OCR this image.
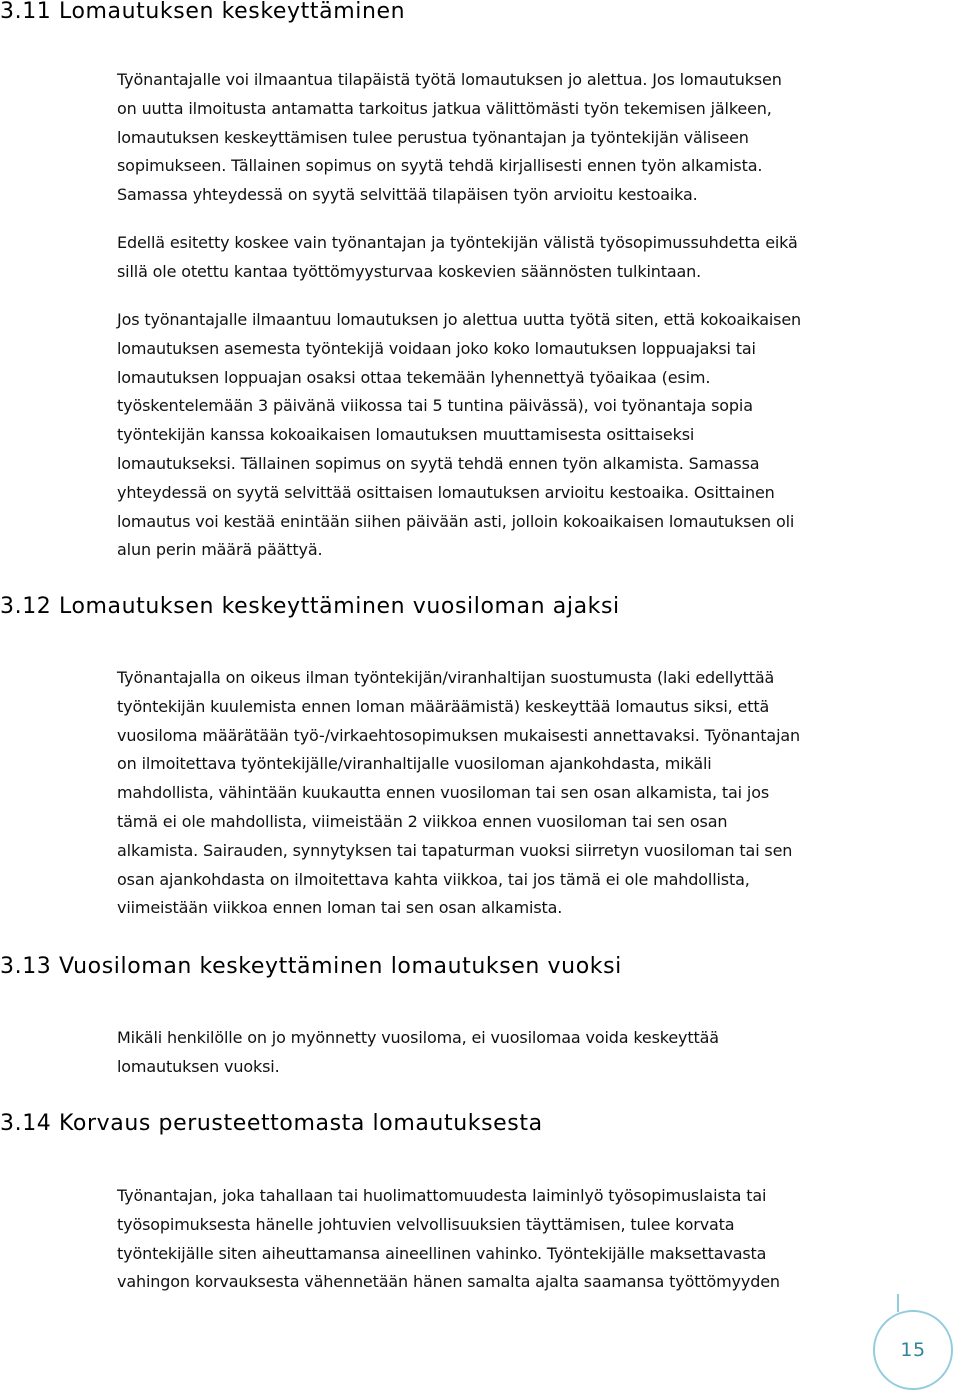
3.11 Lomautuksen keskeyttäminen
Työnantajalle voi ilmaantua tilapäistä työtä lomautuksen jo alettua. Jos lomautuksen
on uutta ilmoitusta antamatta tarkoitus jatkua välittömästi työn tekemisen jälkeen,
lomautuksen keskeyttämisen tulee perustua työnantajan ja työntekijän väliseen
sopimukseen. Tällainen sopimus on syytä tehdä kirjallisesti ennen työn alkamista.
Samassa yhteydessä on syytä selvittää tilapäisen työn arvioitu kestoaika.
Edellä esitetty koskee vain työnantajan ja työntekijän välistä työsopimussuhdetta eikä
sillä ole otettu kantaa työttömyysturvaa koskevien säännösten tulkintaan.
Jos työnantajalle ilmaantuu lomautuksen jo alettua uutta työtä siten, että kokoaikaisen
lomautuksen asemesta työntekijä voidaan joko koko lomautuksen loppuajaksi tai
lomautuksen loppuajan osaksi ottaa tekemään lyhennettyä työaikaa (esim.
työskentelemään 3 päivänä viikossa tai 5 tuntina päivässä), voi työnantaja sopia
työntekijän kanssa kokoaikaisen lomautuksen muuttamisesta osittaiseksi
lomautukseksi. Tällainen sopimus on syytä tehdä ennen työn alkamista. Samassa
yhteydessä on syytä selvittää osittaisen lomautuksen arvioitu kestoaika. Osittainen
lomautus voi kestää enintään siihen päivään asti, jolloin kokoaikaisen lomautuksen oli
alun perin määrä päättyä.
3.12 Lomautuksen keskeyttäminen vuosiloman ajaksi
Työnantajalla on oikeus ilman työntekijän/viranhaltijan suostumusta (laki edellyttää
työntekijän kuulemista ennen loman määräämistä) keskeyttää lomautus siksi, että
vuosiloma määrätään työ-/virkaehtosopimuksen mukaisesti annettavaksi. Työnantajan
on ilmoitettava työntekijälle/viranhaltijalle vuosiloman ajankohdasta, mikäli
mahdollista, vähintään kuukautta ennen vuosiloman tai sen osan alkamista, tai jos
tämä ei ole mahdollista, viimeistään 2 viikkoa ennen vuosiloman tai sen osan
alkamista. Sairauden, synnytyksen tai tapaturman vuoksi siirretyn vuosiloman tai sen
osan ajankohdasta on ilmoitettava kahta viikkoa, tai jos tämä ei ole mahdollista,
viimeistään viikkoa ennen loman tai sen osan alkamista.
3.13 Vuosiloman keskeyttäminen lomautuksen vuoksi
Mikäli henkilölle on jo myönnetty vuosiloma, ei vuosilomaa voida keskeyttää
lomautuksen vuoksi.
3.14 Korvaus perusteettomasta lomautuksesta
Työnantajan, joka tahallaan tai huolimattomuudesta laiminlyö työsopimuslaista tai
työsopimuksesta hänelle johtuvien velvollisuuksien täyttämisen, tulee korvata
työntekijälle siten aiheuttamansa aineellinen vahinko. Työntekijälle maksettavasta
vahingon korvauksesta vähennetään hänen samalta ajalta saamansa työttömyyden
15
